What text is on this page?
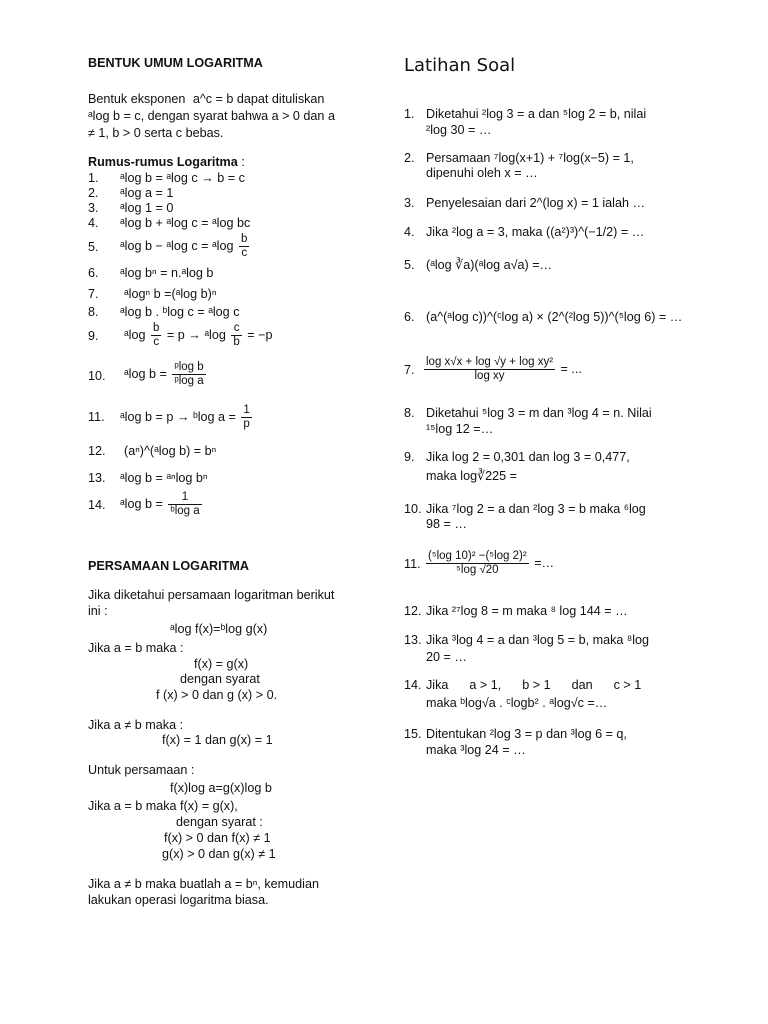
BENTUK UMUM LOGARITMA
Bentuk eksponen a^c = b dapat dituliskan
ᵃlog b = c, dengan syarat bahwa a > 0 dan a
≠ 1, b > 0 serta c bebas.
Rumus-rumus Logaritma :
1. ᵃlog b = ᵃlog c → b = c
2. ᵃlog a = 1
3. ᵃlog 1 = 0
4. ᵃlog b + ᵃlog c = ᵃlog bc
5. ᵃlog b − ᵃlog c = ᵃlog $\frac{b}{c}$
6. ᵃlog bⁿ = n.ᵃlog b
7. ᵃlogⁿ b =(ᵃlog b)ⁿ
8. ᵃlog b . ᵇlog c = ᵃlog c
9. ᵃlog $\frac{b}{c} = p$ → ᵃlog $\frac{c}{b} = -p$
10. ᵃlog $b = \frac{\text{ᵖlog b}}{\text{ᵖlog a}}$
11. ᵃlog b = p → ᵇlog $a = \frac{1}{p}$
12. (aⁿ)^(ᵃlog b) = bⁿ
13. ᵃlog b = ᵃⁿlog bⁿ
14. ᵃlog $b = \frac{1}{\text{ᵇlog a}}$
PERSAMAAN LOGARITMA
Jika diketahui persamaan logaritman berikut
ini :
ᵃlog f(x)=ᵇlog g(x)
Jika a = b maka :
f(x) = g(x)
dengan syarat
f (x) > 0 dan g (x) > 0.
Jika a ≠ b maka :
f(x) = 1 dan g(x) = 1
Untuk persamaan :
f(x)log a=g(x)log b
Jika a = b maka f(x) = g(x),
dengan syarat :
f(x) > 0 dan f(x) ≠ 1
g(x) > 0 dan g(x) ≠ 1
Jika a ≠ b maka buatlah a = bⁿ, kemudian
lakukan operasi logaritma biasa.
Latihan Soal
1. Diketahui ²log 3 = a dan ⁵log 2 = b, nilai
²log 30 = …
2. Persamaan ⁷log(x+1) + ⁷log(x−5) = 1,
dipenuhi oleh x = …
3. Penyelesaian dari 2^(log x) = 1 ialah …
4. Jika ²log a = 3, maka ((a²)³)^(−1/2) = …
5. (ᵃlog ∛a)(ᵃlog a√a) =…
6. (a^(ᵃlog c))^(ᶜlog a) × (2^(²log 5))^(⁵log 6) = …
7. $\frac{\text{log x√x + log √y + log xy²}}{\text{log xy}}$ = ...
8. Diketahui ⁵log 3 = m dan ³log 4 = n. Nilai
¹⁵log 12 =…
9. Jika log 2 = 0,301 dan log 3 = 0,477,
maka log∛225 =
10. Jika ⁷log 2 = a dan ²log 3 = b maka ⁶log
98 = …
11. $\frac{\text{(⁵log 10)² −(⁵log 2)²}}{\text{⁵log √20}}$ =…
12. Jika ²⁷log 8 = m maka ⁸ log 144 = …
13. Jika ³log 4 = a dan ³log 5 = b, maka ⁸log
20 = …
14. Jika      a > 1,      b > 1      dan      c > 1
maka ᵇlog√a . ᶜlogb² . ᵃlog√c =…
15. Ditentukan ²log 3 = p dan ³log 6 = q,
maka ³log 24 = …
